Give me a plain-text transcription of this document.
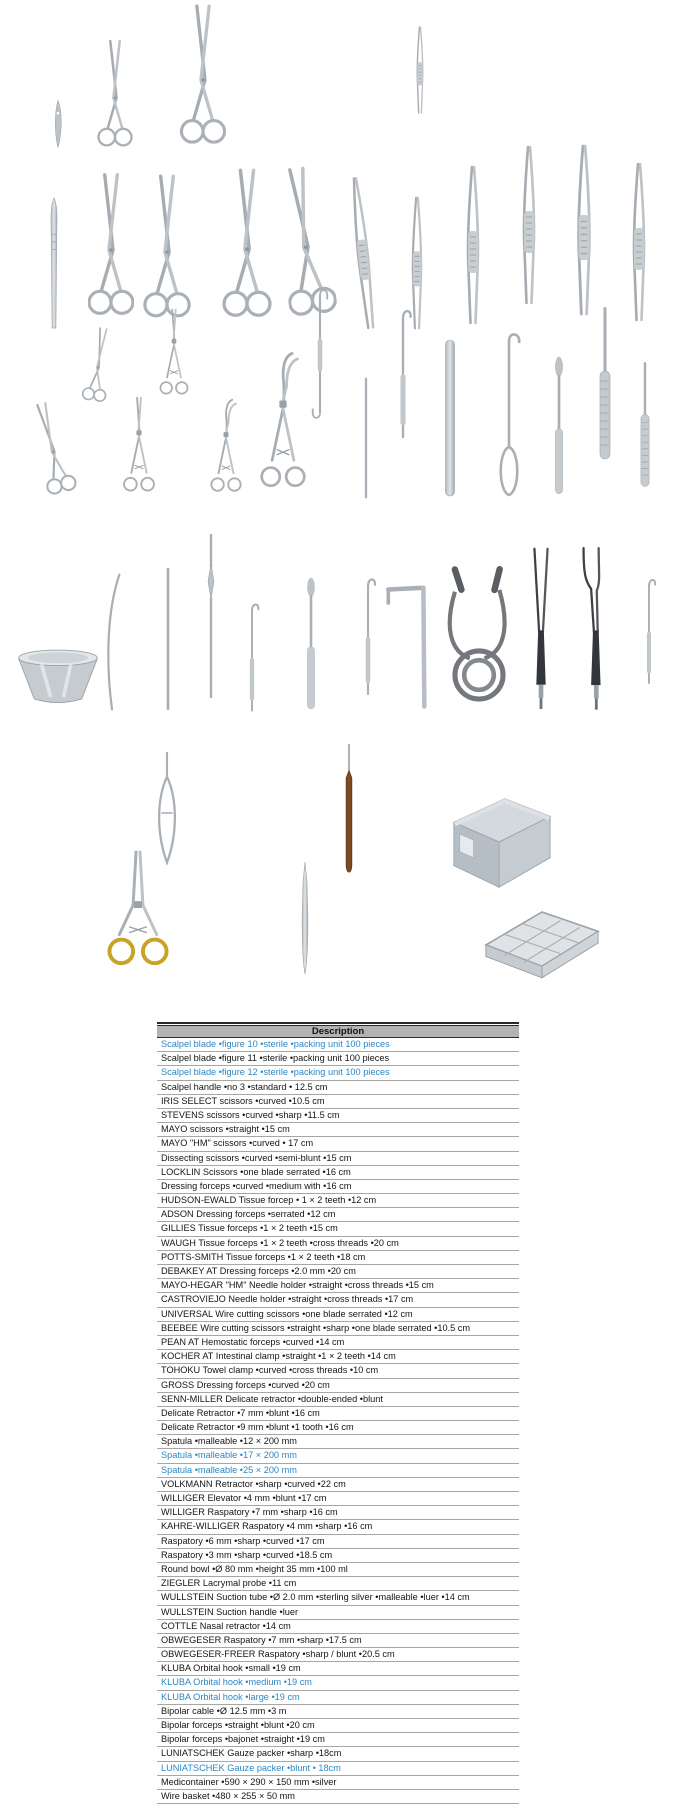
Description
Scalpel blade •figure 10 •sterile •packing unit 100 pieces
Scalpel blade •figure 11 •sterile •packing unit 100 pieces
Scalpel blade •figure 12 •sterile •packing unit 100 pieces
Scalpel handle •no 3 •standard • 12.5 cm
IRIS SELECT scissors •curved •10.5 cm
STEVENS scissors •curved •sharp •11.5 cm
MAYO scissors •straight •15 cm
MAYO "HM" scissors •curved • 17 cm
Dissecting scissors •curved •semi-blunt •15 cm
LOCKLIN Scissors •one blade serrated •16 cm
Dressing forceps •curved •medium with •16 cm
HUDSON-EWALD Tissue forcep • 1 × 2 teeth •12 cm
ADSON Dressing forceps •serrated •12 cm
GILLIES Tissue forceps •1 × 2 teeth •15 cm
WAUGH Tissue forceps •1 × 2 teeth •cross threads •20 cm
POTTS-SMITH Tissue forceps •1 × 2 teeth •18 cm
DEBAKEY AT Dressing forceps •2.0 mm •20 cm
MAYO-HEGAR "HM" Needle holder •straight •cross threads •15 cm
CASTROVIEJO Needle holder •straight •cross threads •17 cm
UNIVERSAL Wire cutting scissors •one blade serrated •12 cm
BEEBEE Wire cutting scissors •straight •sharp •one blade serrated •10.5 cm
PEAN AT Hemostatic forceps •curved •14 cm
KOCHER AT Intestinal clamp •straight •1 × 2 teeth •14 cm
TOHOKU Towel clamp •curved •cross threads •10 cm
GROSS Dressing forceps •curved •20 cm
SENN-MILLER Delicate retractor •double-ended •blunt
Delicate Retractor •7 mm •blunt •16 cm
Delicate Retractor •9 mm •blunt •1 tooth •16 cm
Spatula •malleable •12 × 200 mm
Spatula •malleable •17 × 200 mm
Spatula •malleable •25 × 200 mm
VOLKMANN Retractor •sharp •curved •22 cm
WILLIGER Elevator •4 mm •blunt •17 cm
WILLIGER Raspatory •7 mm •sharp •16 cm
KAHRE-WILLIGER Raspatory •4 mm •sharp •16 cm
Raspatory •6 mm •sharp •curved •17 cm
Raspatory •3 mm •sharp •curved •18.5 cm
Round bowl •Ø 80 mm •height 35 mm •100 ml
ZIEGLER Lacrymal probe •11 cm
WULLSTEIN Suction tube •Ø 2.0 mm •sterling silver •malleable •luer •14 cm
WULLSTEIN Suction handle •luer
COTTLE Nasal retractor •14 cm
OBWEGESER Raspatory •7 mm •sharp •17.5 cm
OBWEGESER-FREER Raspatory •sharp / blunt •20.5 cm
KLUBA Orbital hook •small •19 cm
KLUBA Orbital hook •medium •19 cm
KLUBA Orbital hook •large •19 cm
Bipolar cable •Ø 12.5 mm •3 m
Bipolar forceps •straight •blunt •20 cm
Bipolar forceps •bajonet •straight •19 cm
LUNIATSCHEK Gauze packer •sharp •18cm
LUNIATSCHEK Gauze packer •blunt • 18cm
Medicontainer •590 × 290 × 150 mm •silver
Wire basket •480 × 255 × 50 mm
